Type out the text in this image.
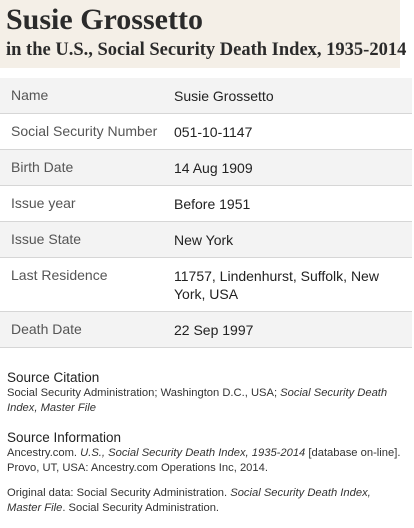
Susie Grossetto
in the U.S., Social Security Death Index, 1935-2014
Name	Susie Grossetto
Social Security Number	051-10-1147
Birth Date	14 Aug 1909
Issue year	Before 1951
Issue State	New York
Last Residence	11757, Lindenhurst, Suffolk, New York, USA
Death Date	22 Sep 1997
Source Citation
Social Security Administration; Washington D.C., USA; Social Security Death Index, Master File
Source Information
Ancestry.com. U.S., Social Security Death Index, 1935-2014 [database on-line]. Provo, UT, USA: Ancestry.com Operations Inc, 2014.
Original data: Social Security Administration. Social Security Death Index, Master File. Social Security Administration.
